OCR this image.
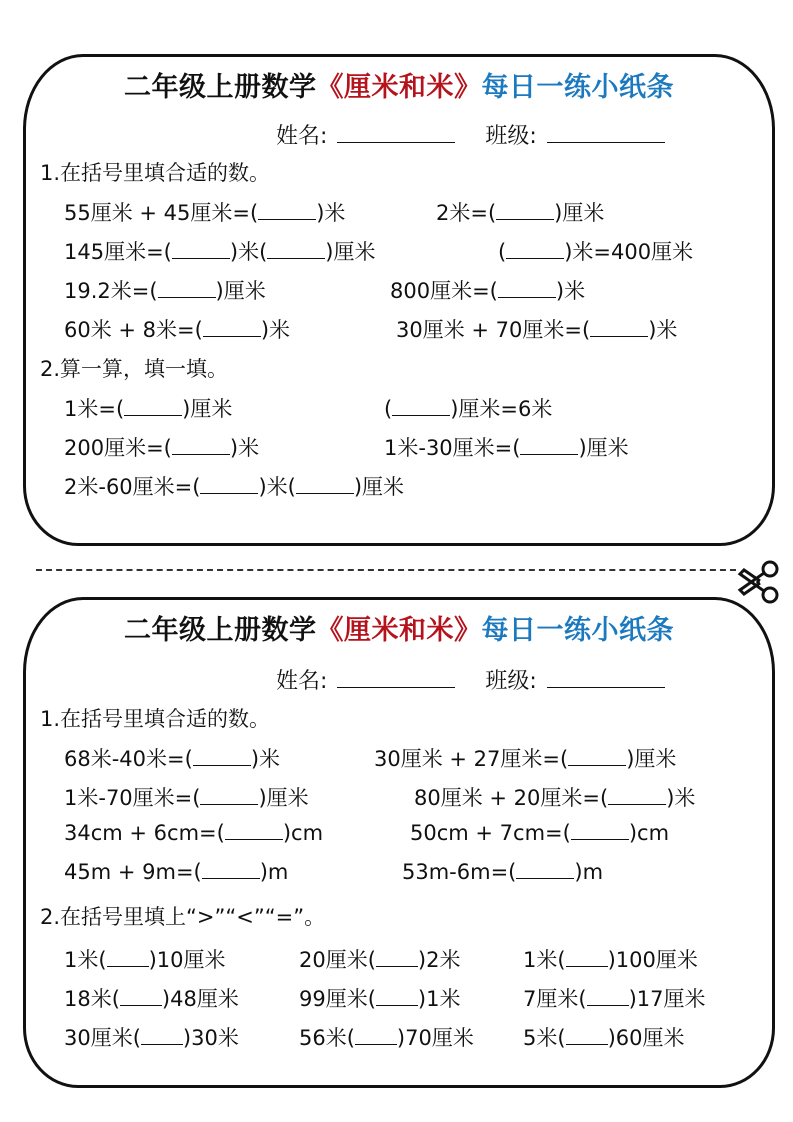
二年级上册数学《厘米和米》每日一练小纸条
姓名:	班级:
1.在括号里填合适的数。
55厘米 + 45厘米=(	)米	2米=(	)厘米
145厘米=(	)米(	)厘米	(	)米=400厘米
19.2米=(	)厘米	800厘米=(	)米
60米 + 8米=(	)米	30厘米 + 70厘米=(	)米
2.算一算，填一填。
1米=(	)厘米	(	)厘米=6米
200厘米=(	)米	1米-30厘米=(	)厘米
2米-60厘米=(	)米(	)厘米
二年级上册数学《厘米和米》每日一练小纸条
姓名:	班级:
1.在括号里填合适的数。
68米-40米=(	)米	30厘米 + 27厘米=(	)厘米
1米-70厘米=(	)厘米	80厘米 + 20厘米=(	)米
34cm + 6cm=(	)cm	50cm + 7cm=(	)cm
45m + 9m=(	)m	53m-6m=(	)m
2.在括号里填上“>”“<”“=”。
1米( )10厘米	20厘米( )2米	1米( )100厘米
18米( )48厘米	99厘米( )1米	7厘米( )17厘米
30厘米( )30米	56米( )70厘米 5米( )60厘米
